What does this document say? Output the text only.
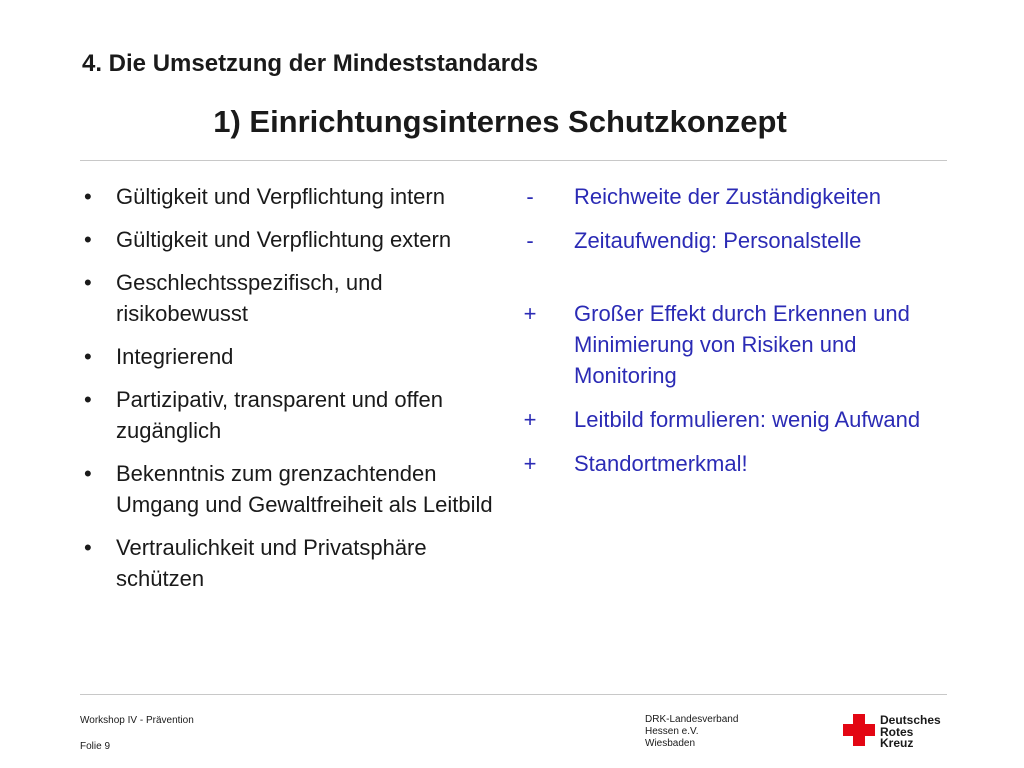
4. Die Umsetzung der Mindeststandards
1) Einrichtungsinternes Schutzkonzept
• Gültigkeit und Verpflichtung intern
• Gültigkeit und Verpflichtung extern
• Geschlechtsspezifisch, und risikobewusst
• Integrierend
• Partizipativ, transparent und offen zugänglich
• Bekenntnis zum grenzachtenden Umgang und Gewaltfreiheit als Leitbild
• Vertraulichkeit und Privatsphäre schützen
- Reichweite der Zuständigkeiten
- Zeitaufwendig: Personalstelle
+ Großer Effekt durch Erkennen und Minimierung von Risiken und Monitoring
+ Leitbild formulieren: wenig Aufwand
+ Standortmerkmal!
Workshop IV - Prävention
Folie 9
DRK-Landesverband
Hessen e.V.
Wiesbaden
Deutsches
Rotes
Kreuz
